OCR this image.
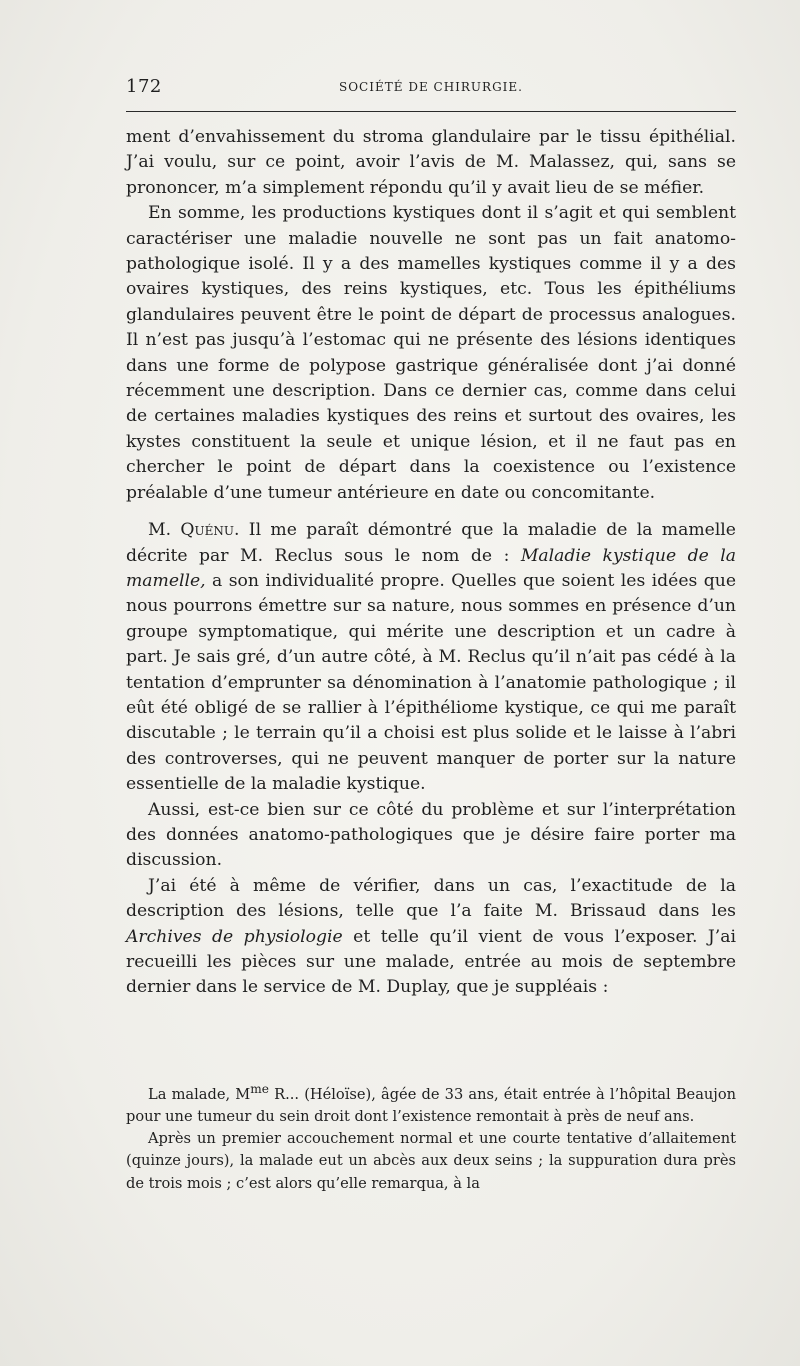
172	SOCIÉTÉ DE CHIRURGIE.

ment d’envahissement du stroma glandulaire par le tissu épithélial. J’ai voulu, sur ce point, avoir l’avis de M. Malassez, qui, sans se prononcer, m’a simplement répondu qu’il y avait lieu de se méfier.

En somme, les productions kystiques dont il s’agit et qui semblent caractériser une maladie nouvelle ne sont pas un fait anatomo-pathologique isolé. Il y a des mamelles kystiques comme il y a des ovaires kystiques, des reins kystiques, etc. Tous les épithéliums glandulaires peuvent être le point de départ de processus analogues. Il n’est pas jusqu’à l’estomac qui ne présente des lésions identiques dans une forme de polypose gastrique généralisée dont j’ai donné récemment une description. Dans ce dernier cas, comme dans celui de certaines maladies kystiques des reins et surtout des ovaires, les kystes constituent la seule et unique lésion, et il ne faut pas en chercher le point de départ dans la coexistence ou l’existence préalable d’une tumeur antérieure en date ou concomitante.

M. Quénu. Il me paraît démontré que la maladie de la mamelle décrite par M. Reclus sous le nom de : Maladie kystique de la mamelle, a son individualité propre. Quelles que soient les idées que nous pourrons émettre sur sa nature, nous sommes en présence d’un groupe symptomatique, qui mérite une description et un cadre à part. Je sais gré, d’un autre côté, à M. Reclus qu’il n’ait pas cédé à la tentation d’emprunter sa dénomination à l’anatomie pathologique ; il eût été obligé de se rallier à l’épithéliome kystique, ce qui me paraît discutable ; le terrain qu’il a choisi est plus solide et le laisse à l’abri des controverses, qui ne peuvent manquer de porter sur la nature essentielle de la maladie kystique.

Aussi, est-ce bien sur ce côté du problème et sur l’interprétation des données anatomo-pathologiques que je désire faire porter ma discussion.

J’ai été à même de vérifier, dans un cas, l’exactitude de la description des lésions, telle que l’a faite M. Brissaud dans les Archives de physiologie et telle qu’il vient de vous l’exposer. J’ai recueilli les pièces sur une malade, entrée au mois de septembre dernier dans le service de M. Duplay, que je suppléais :

La malade, $M^{me}$ R... (Héloïse), âgée de 33 ans, était entrée à l’hôpital Beaujon pour une tumeur du sein droit dont l’existence remontait à près de neuf ans.

Après un premier accouchement normal et une courte tentative d’allaitement (quinze jours), la malade eut un abcès aux deux seins ; la suppuration dura près de trois mois ; c’est alors qu’elle remarqua, à la
